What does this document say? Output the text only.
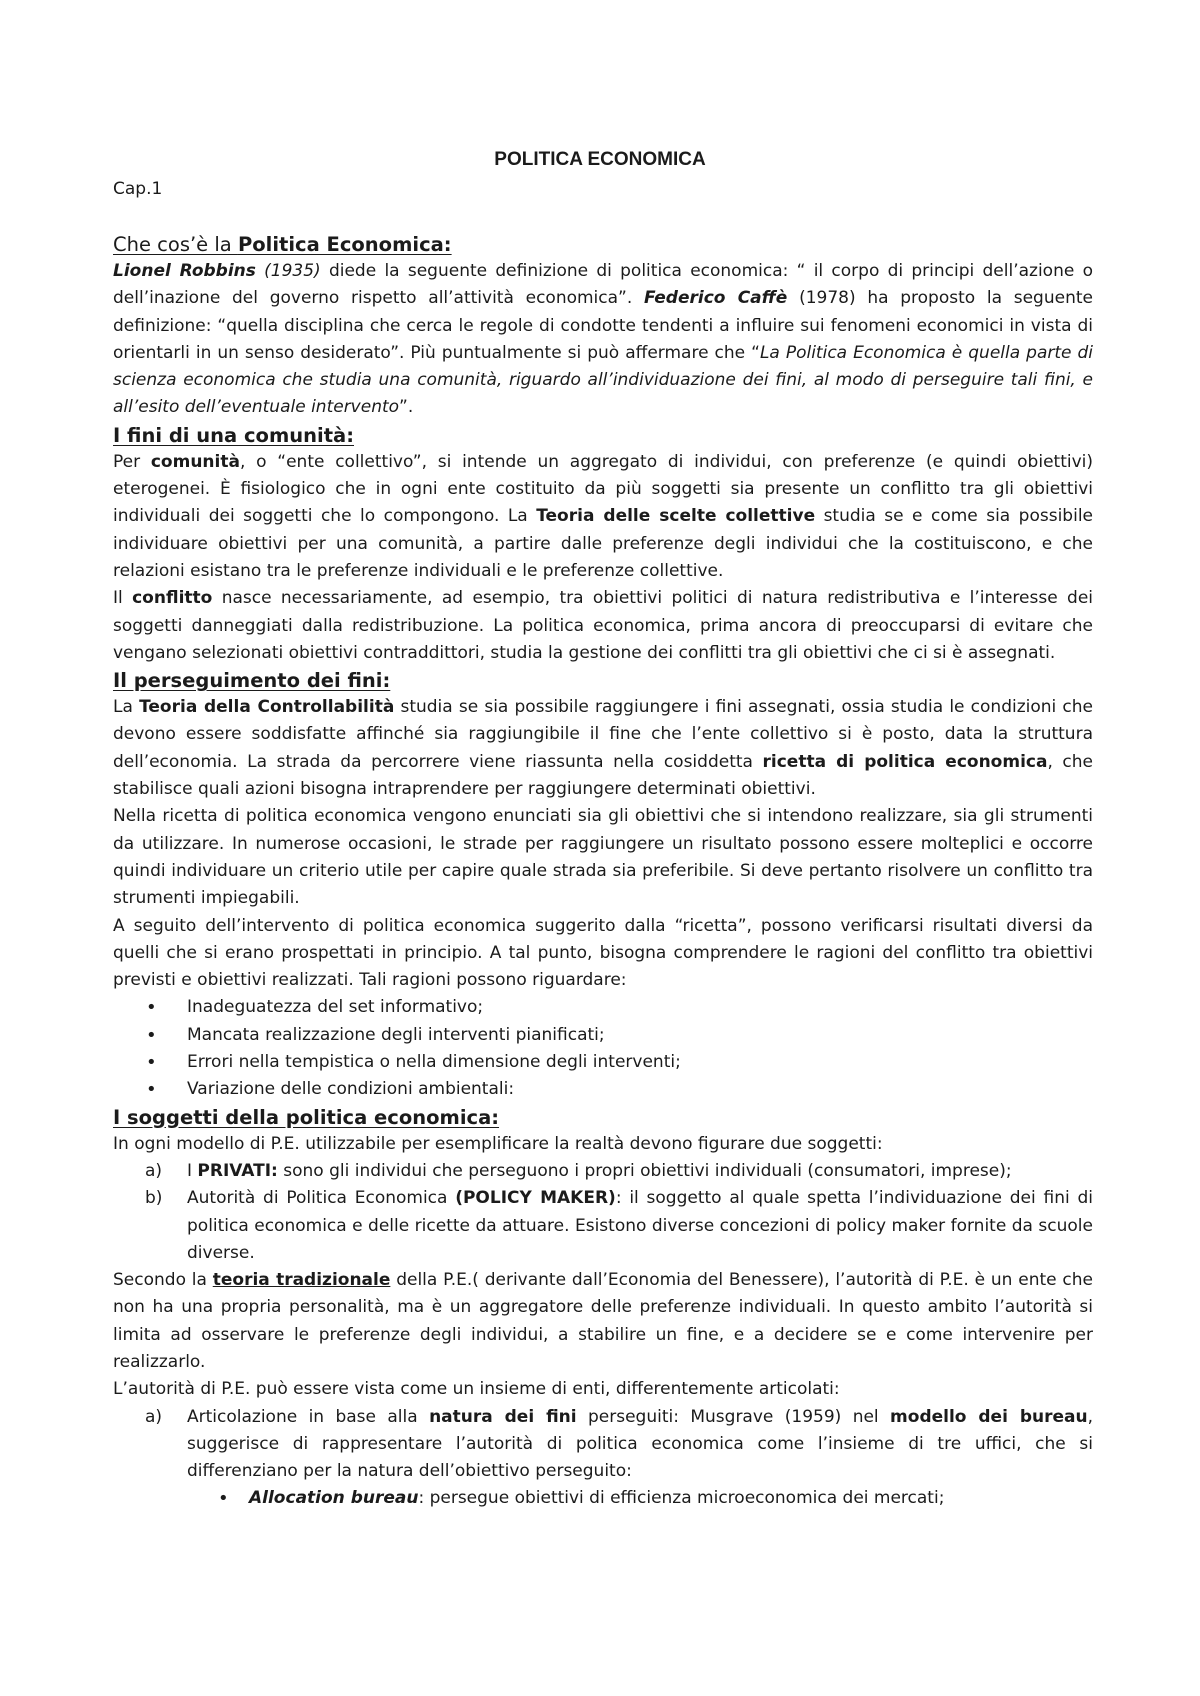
POLITICA ECONOMICA
Cap.1
Che cos’è la Politica Economica:

Lionel Robbins (1935) diede la seguente definizione di politica economica: “ il corpo di principi dell’azione o dell’inazione del governo rispetto all’attività economica”. Federico Caffè (1978) ha proposto la seguente definizione: “quella disciplina che cerca le regole di condotte tendenti a influire sui fenomeni economici in vista di orientarli in un senso desiderato”. Più puntualmente si può affermare che “La Politica Economica è quella parte di scienza economica che studia una comunità, riguardo all’individuazione dei fini, al modo di perseguire tali fini, e all’esito dell’eventuale intervento”.

I fini di una comunità:

Per comunità, o “ente collettivo”, si intende un aggregato di individui, con preferenze (e quindi obiettivi) eterogenei. È fisiologico che in ogni ente costituito da più soggetti sia presente un conflitto tra gli obiettivi individuali dei soggetti che lo compongono. La Teoria delle scelte collettive studia se e come sia possibile individuare obiettivi per una comunità, a partire dalle preferenze degli individui che la costituiscono, e che relazioni esistano tra le preferenze individuali e le preferenze collettive.

Il conflitto nasce necessariamente, ad esempio, tra obiettivi politici di natura redistributiva e l’interesse dei soggetti danneggiati dalla redistribuzione. La politica economica, prima ancora di preoccuparsi di evitare che vengano selezionati obiettivi contraddittori, studia la gestione dei conflitti tra gli obiettivi che ci si è assegnati.

Il perseguimento dei fini:

La Teoria della Controllabilità studia se sia possibile raggiungere i fini assegnati, ossia studia le condizioni che devono essere soddisfatte affinché sia raggiungibile il fine che l’ente collettivo si è posto, data la struttura dell’economia. La strada da percorrere viene riassunta nella cosiddetta ricetta di politica economica, che stabilisce quali azioni bisogna intraprendere per raggiungere determinati obiettivi.

Nella ricetta di politica economica vengono enunciati sia gli obiettivi che si intendono realizzare, sia gli strumenti da utilizzare. In numerose occasioni, le strade per raggiungere un risultato possono essere molteplici e occorre quindi individuare un criterio utile per capire quale strada sia preferibile. Si deve pertanto risolvere un conflitto tra strumenti impiegabili.

A seguito dell’intervento di politica economica suggerito dalla “ricetta”, possono verificarsi risultati diversi da quelli che si erano prospettati in principio. A tal punto, bisogna comprendere le ragioni del conflitto tra obiettivi previsti e obiettivi realizzati. Tali ragioni possono riguardare:

• Inadeguatezza del set informativo;
• Mancata realizzazione degli interventi pianificati;
• Errori nella tempistica o nella dimensione degli interventi;
• Variazione delle condizioni ambientali:
I soggetti della politica economica:

In ogni modello di P.E. utilizzabile per esemplificare la realtà devono figurare due soggetti:

a) I PRIVATI: sono gli individui che perseguono i propri obiettivi individuali (consumatori, imprese);
b) Autorità di Politica Economica (POLICY MAKER): il soggetto al quale spetta l’individuazione dei fini di politica economica e delle ricette da attuare. Esistono diverse concezioni di policy maker fornite da scuole diverse.

Secondo la teoria tradizionale della P.E.( derivante dall’Economia del Benessere), l’autorità di P.E. è un ente che non ha una propria personalità, ma è un aggregatore delle preferenze individuali. In questo ambito l’autorità si limita ad osservare le preferenze degli individui, a stabilire un fine, e a decidere se e come intervenire per realizzarlo.

L’autorità di P.E. può essere vista come un insieme di enti, differentemente articolati:

a) Articolazione in base alla natura dei fini perseguiti: Musgrave (1959) nel modello dei bureau, suggerisce di rappresentare l’autorità di politica economica come l’insieme di tre uffici, che si differenziano per la natura dell’obiettivo perseguito:
• Allocation bureau: persegue obiettivi di efficienza microeconomica dei mercati;
